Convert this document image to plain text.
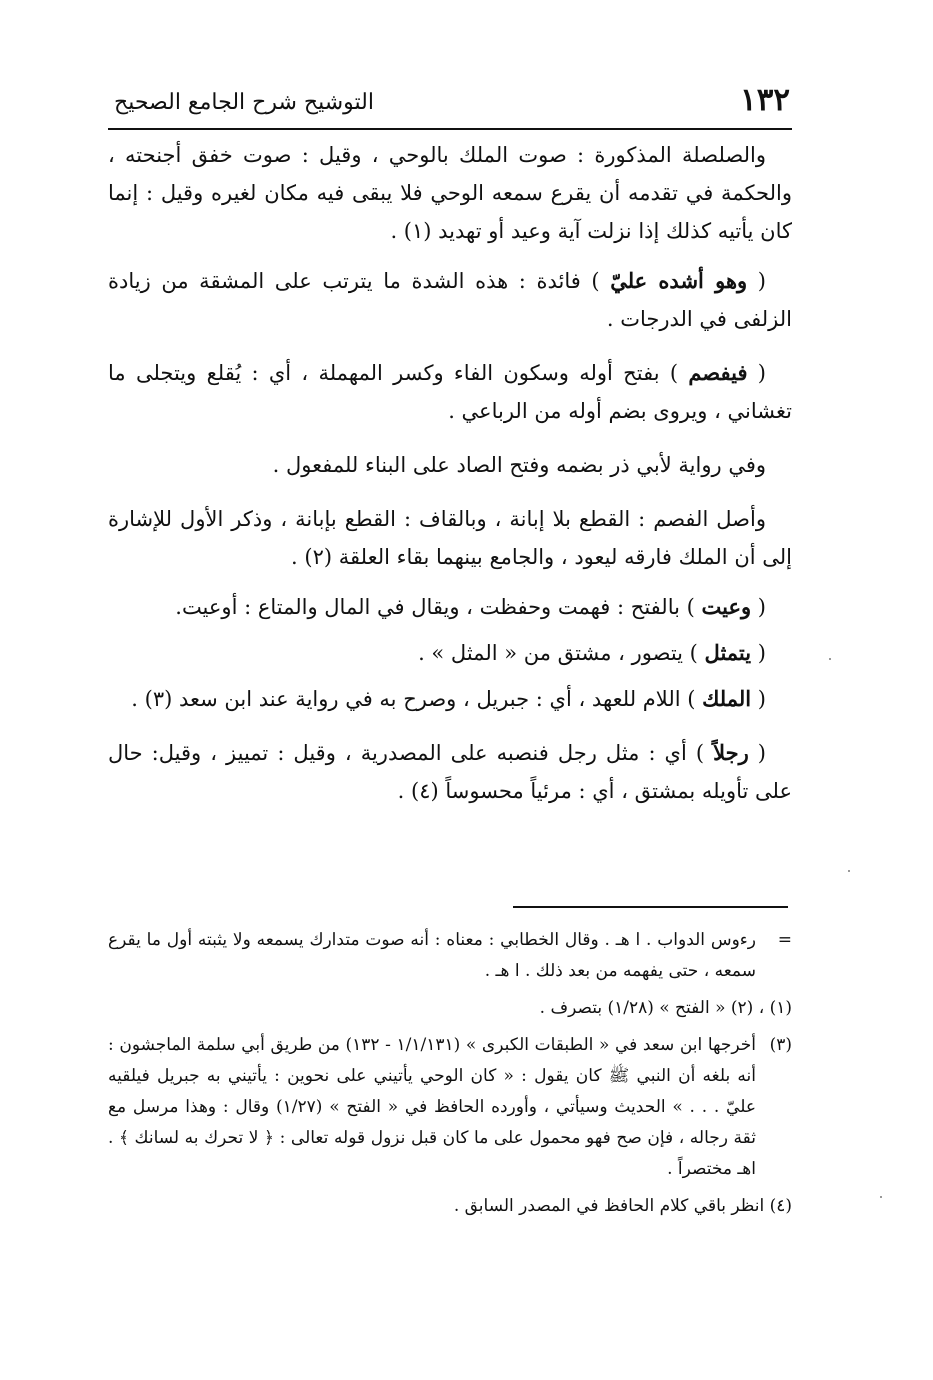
١٣٢
التوشيح شرح الجامع الصحيح

والصلصلة المذكورة : صوت الملك بالوحي ، وقيل : صوت خفق أجنحته ، والحكمة في تقدمه أن يقرع سمعه الوحي فلا يبقى فيه مكان لغيره وقيل : إنما كان يأتيه كذلك إذا نزلت آية وعيد أو تهديد (١) .

( وهو أشده عليّ ) فائدة : هذه الشدة ما يترتب على المشقة من زيادة الزلفى في الدرجات .

( فيفصم ) بفتح أوله وسكون الفاء وكسر المهملة ، أي : يُقلع ويتجلى ما تغشاني ، ويروى بضم أوله من الرباعي .

وفي رواية لأبي ذر بضمه وفتح الصاد على البناء للمفعول .

وأصل الفصم : القطع بلا إبانة ، وبالقاف : القطع بإبانة ، وذكر الأول للإشارة إلى أن الملك فارقه ليعود ، والجامع بينهما بقاء العلقة (٢) .

( وعيت ) بالفتح : فهمت وحفظت ، ويقال في المال والمتاع : أوعيت.

( يتمثل ) يتصور ، مشتق من « المثل » .

( الملك ) اللام للعهد ، أي : جبريل ، وصرح به في رواية عند ابن سعد (٣) .

( رجلاً ) أي : مثل رجل فنصبه على المصدرية ، وقيل : تمييز ، وقيل: حال على تأويله بمشتق ، أي : مرئياً محسوساً (٤) .

=رءوس الدواب . ا هـ . وقال الخطابي : معناه : أنه صوت متدارك يسمعه ولا يثبته أول ما يقرع سمعه ، حتى يفهمه من بعد ذلك . ا هـ .

(١) ، (٢) « الفتح » (١/٢٨) بتصرف .

(٣)أخرجها ابن سعد في « الطبقات الكبرى » (١/١/١٣١ - ١٣٢) من طريق أبي سلمة الماجشون : أنه بلغه أن النبي ﷺ كان يقول : « كان الوحي يأتيني على نحوين : يأتيني به جبريل فيلقيه عليّ . . . » الحديث وسيأتي ، وأورده الحافظ في « الفتح » (١/٢٧) وقال : وهذا مرسل مع ثقة رجاله ، فإن صح فهو محمول على ما كان قبل نزول قوله تعالى : ﴿ لا تحرك به لسانك ﴾ . اهـ مختصراً .

(٤) انظر باقي كلام الحافظ في المصدر السابق .
